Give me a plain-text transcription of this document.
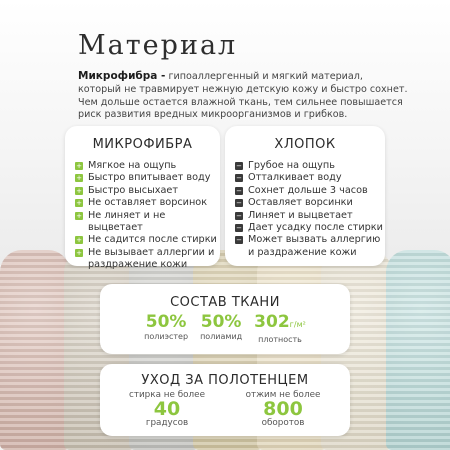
Материал

Микрофибра - гипоаллергенный и мягкий материал, который не травмирует нежную детскую кожу и быстро сохнет. Чем дольше остается влажной ткань, тем сильнее повышается риск развития вредных микроорганизмов и грибков.

МИКРОФИБРА
+ Мягкое на ощупь
+ Быстро впитывает воду
+ Быстро высыхает
+ Не оставляет ворсинок
+ Не линяет и не выцветает
+ Не садится после стирки
+ Не вызывает аллергии и раздражение кожи
ХЛОПОК
− Грубое на ощупь
− Отталкивает воду
− Сохнет дольше 3 часов
− Оставляет ворсинки
− Линяет и выцветает
− Дает усадку после стирки
− Может вызвать аллергию и раздражение кожи
СОСТАВ ТКАНИ
50%
полиэстер
50%
полиамид
302г/м²
плотность
УХОД ЗА ПОЛОТЕНЦЕМ
стирка не более
40
градусов
отжим не более
800
оборотов
